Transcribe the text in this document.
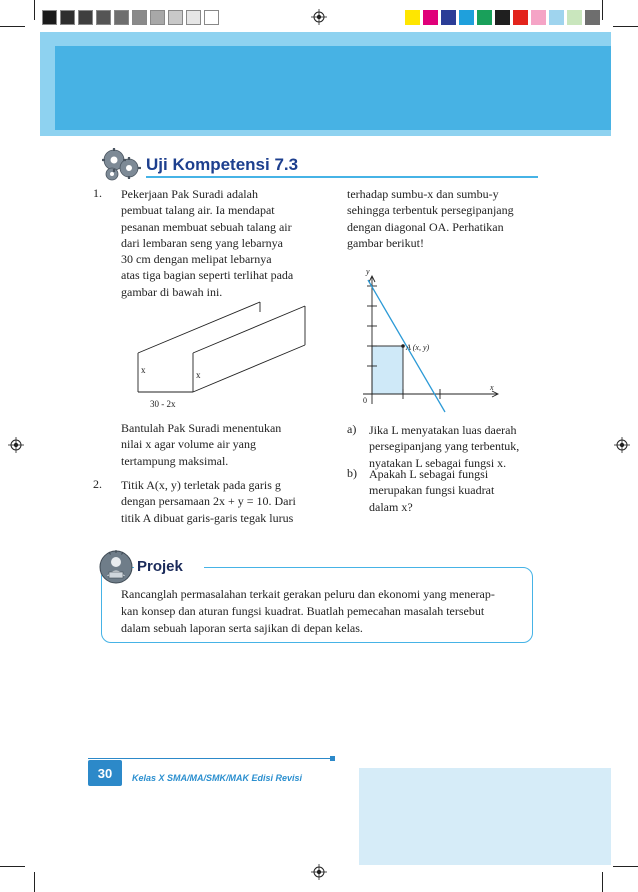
Uji Kompetensi 7.3
1. Pekerjaan Pak Suradi adalah
pembuat talang air. Ia mendapat
pesanan membuat sebuah talang air
dari lembaran seng yang lebarnya
30 cm dengan melipat lebarnya
atas tiga bagian seperti terlihat pada
gambar di bawah ini.
x	x
30 - 2x
Bantulah Pak Suradi menentukan
nilai x agar volume air yang
tertampung maksimal.
2. Titik A(x, y) terletak pada garis g
dengan persamaan 2x + y = 10. Dari
titik A dibuat garis-garis tegak lurus
terhadap sumbu-x dan sumbu-y
sehingga terbentuk persegipanjang
dengan diagonal OA. Perhatikan
gambar berikut!
y
x
0
A (x, y)
a) Jika L menyatakan luas daerah
persegipanjang yang terbentuk,
nyatakan L sebagai fungsi x.
b) Apakah L sebagai fungsi
merupakan fungsi kuadrat
dalam x?
Projek
Rancanglah permasalahan terkait gerakan peluru dan ekonomi yang menerap-
kan konsep dan aturan fungsi kuadrat. Buatlah pemecahan masalah tersebut
dalam sebuah laporan serta sajikan di depan kelas.
30	Kelas X SMA/MA/SMK/MAK Edisi Revisi
